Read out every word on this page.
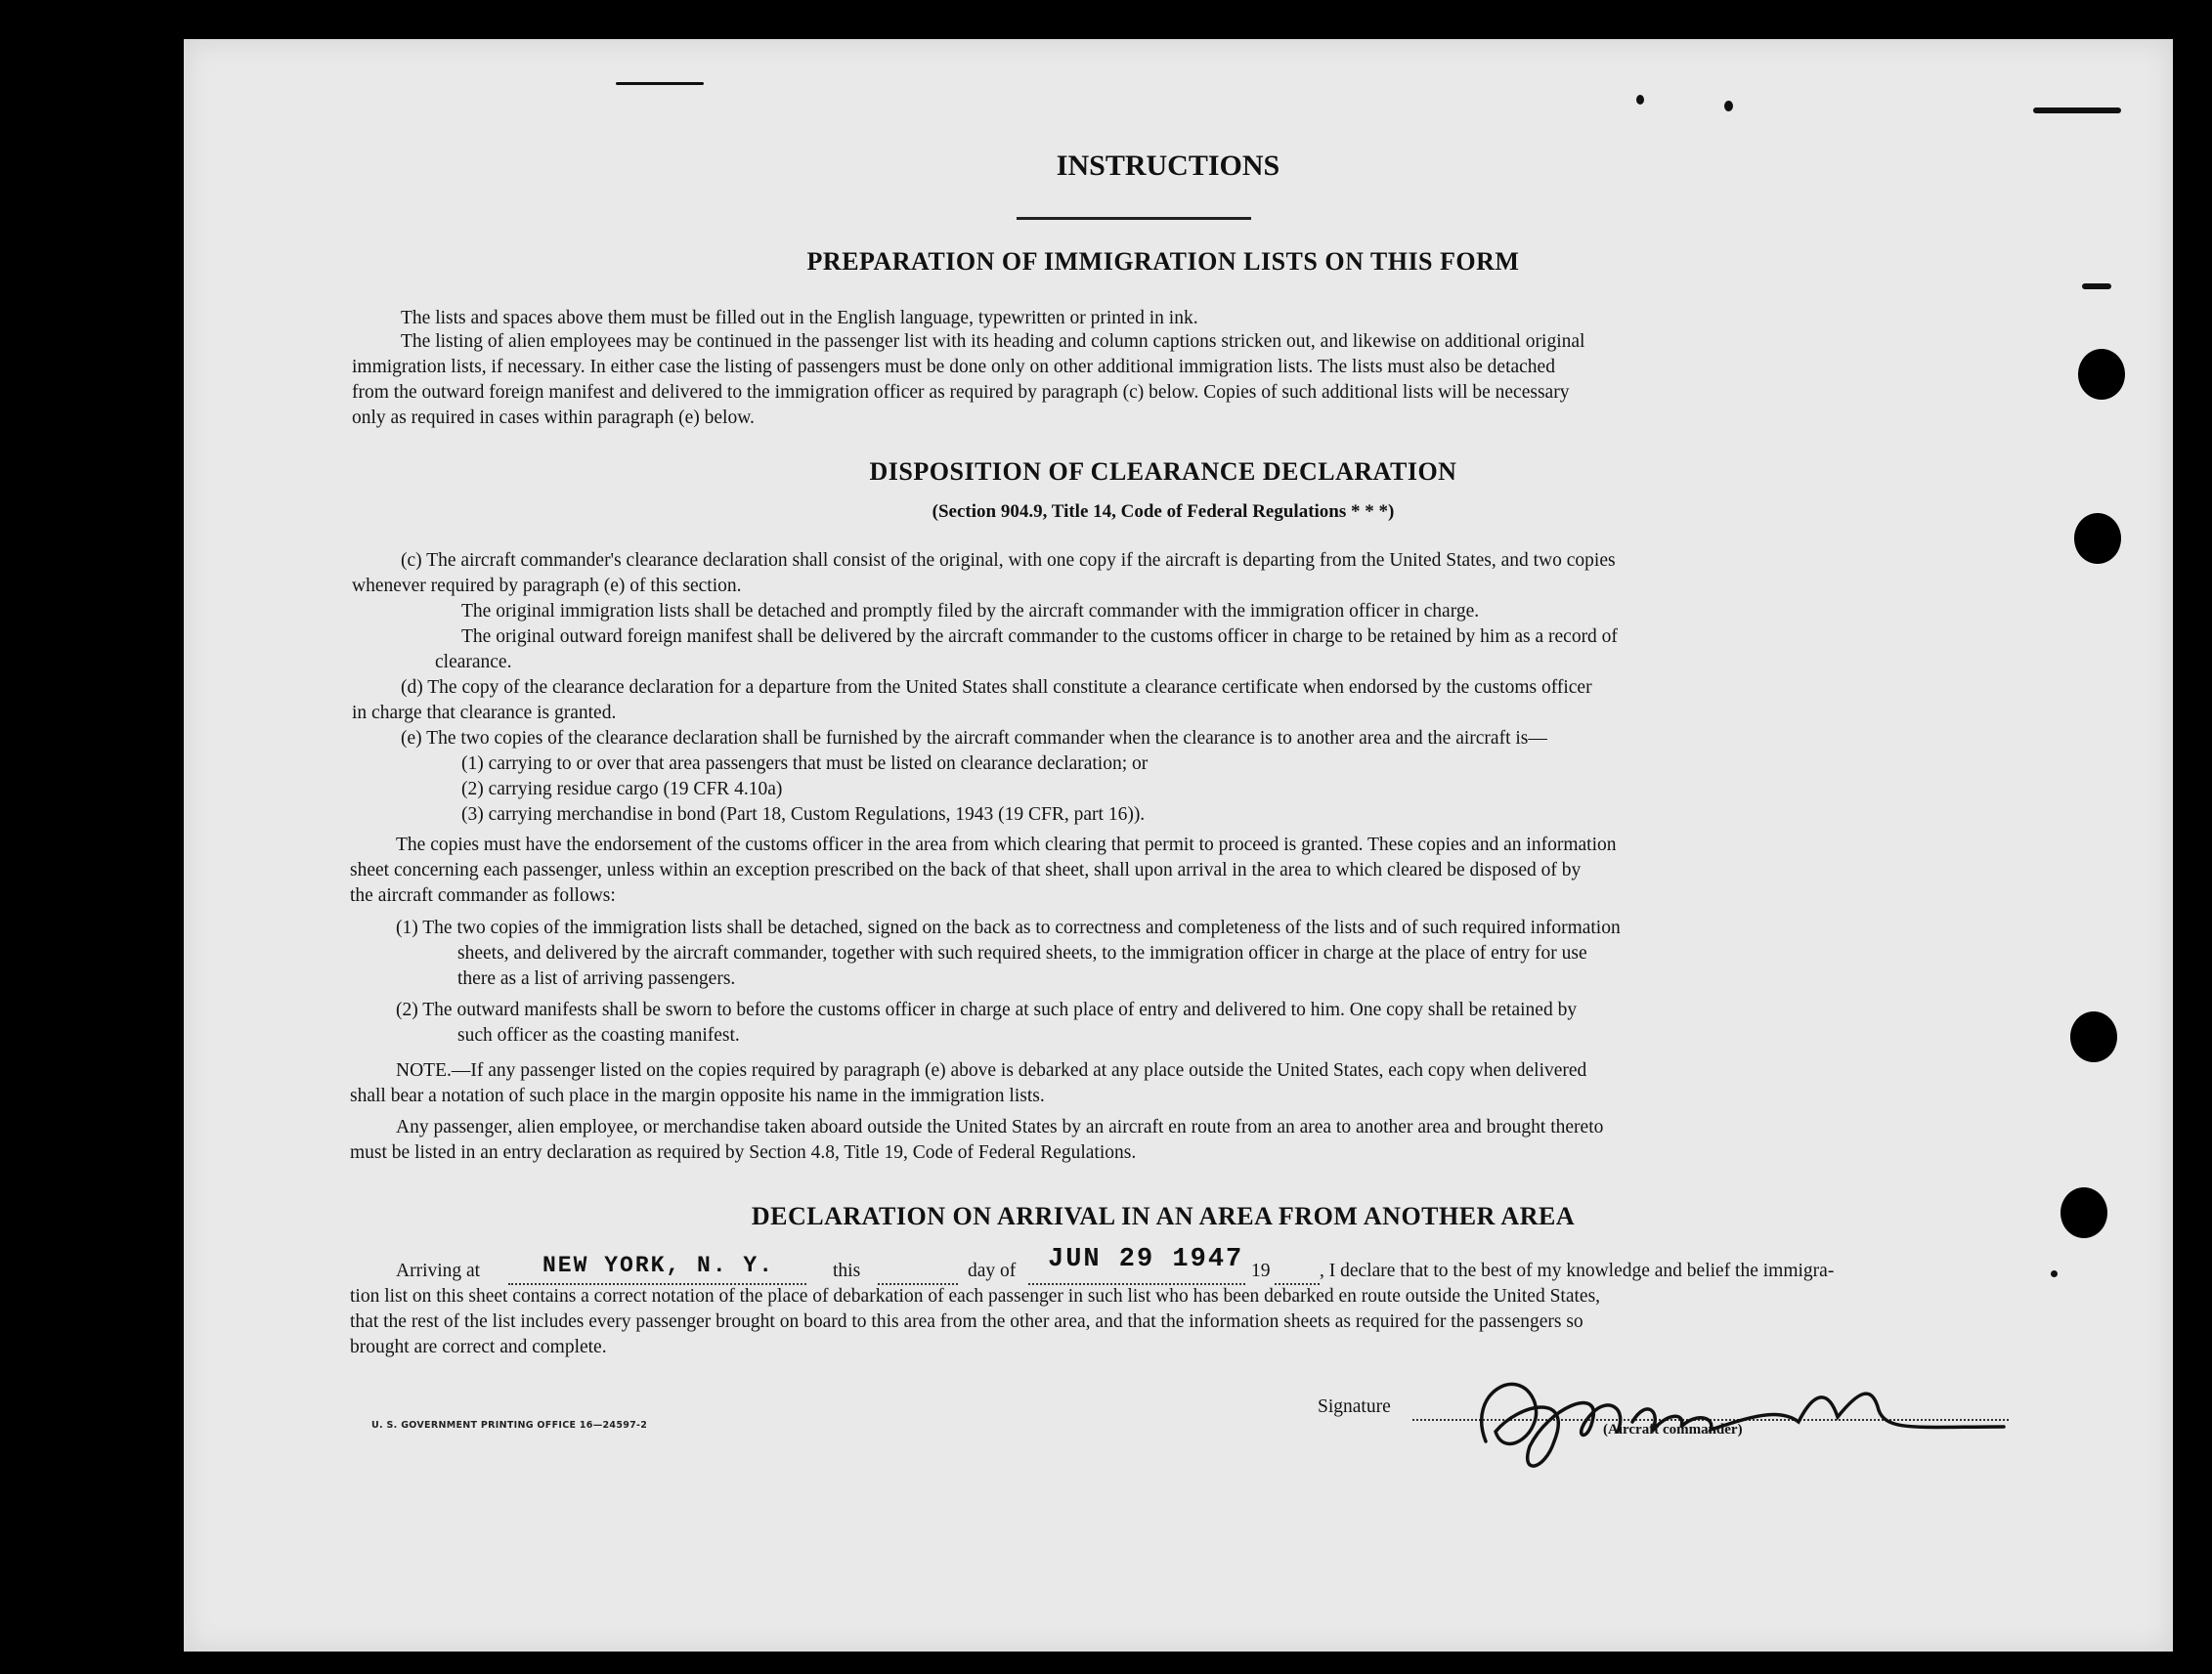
INSTRUCTIONS
PREPARATION OF IMMIGRATION LISTS ON THIS FORM
The lists and spaces above them must be filled out in the English language, typewritten or printed in ink.
The listing of alien employees may be continued in the passenger list with its heading and column captions stricken out, and likewise on additional original
immigration lists, if necessary. In either case the listing of passengers must be done only on other additional immigration lists. The lists must also be detached
from the outward foreign manifest and delivered to the immigration officer as required by paragraph (c) below. Copies of such additional lists will be necessary
only as required in cases within paragraph (e) below.
DISPOSITION OF CLEARANCE DECLARATION
(Section 904.9, Title 14, Code of Federal Regulations * * *)
(c) The aircraft commander's clearance declaration shall consist of the original, with one copy if the aircraft is departing from the United States, and two copies
whenever required by paragraph (e) of this section.
The original immigration lists shall be detached and promptly filed by the aircraft commander with the immigration officer in charge.
The original outward foreign manifest shall be delivered by the aircraft commander to the customs officer in charge to be retained by him as a record of
clearance.
(d) The copy of the clearance declaration for a departure from the United States shall constitute a clearance certificate when endorsed by the customs officer
in charge that clearance is granted.
(e) The two copies of the clearance declaration shall be furnished by the aircraft commander when the clearance is to another area and the aircraft is—
(1) carrying to or over that area passengers that must be listed on clearance declaration; or
(2) carrying residue cargo (19 CFR 4.10a)
(3) carrying merchandise in bond (Part 18, Custom Regulations, 1943 (19 CFR, part 16)).
The copies must have the endorsement of the customs officer in the area from which clearing that permit to proceed is granted. These copies and an information
sheet concerning each passenger, unless within an exception prescribed on the back of that sheet, shall upon arrival in the area to which cleared be disposed of by
the aircraft commander as follows:
(1) The two copies of the immigration lists shall be detached, signed on the back as to correctness and completeness of the lists and of such required information
sheets, and delivered by the aircraft commander, together with such required sheets, to the immigration officer in charge at the place of entry for use
there as a list of arriving passengers.
(2) The outward manifests shall be sworn to before the customs officer in charge at such place of entry and delivered to him. One copy shall be retained by
such officer as the coasting manifest.
NOTE.—If any passenger listed on the copies required by paragraph (e) above is debarked at any place outside the United States, each copy when delivered
shall bear a notation of such place in the margin opposite his name in the immigration lists.
Any passenger, alien employee, or merchandise taken aboard outside the United States by an aircraft en route from an area to another area and brought thereto
must be listed in an entry declaration as required by Section 4.8, Title 19, Code of Federal Regulations.
DECLARATION ON ARRIVAL IN AN AREA FROM ANOTHER AREA
Arriving at	NEW YORK, N. Y.	this	day of JUN 29 1947 19	, I declare that to the best of my knowledge and belief the immigra-
tion list on this sheet contains a correct notation of the place of debarkation of each passenger in such list who has been debarked en route outside the United States,
that the rest of the list includes every passenger brought on board to this area from the other area, and that the information sheets as required for the passengers so
brought are correct and complete.
U. S. GOVERNMENT PRINTING OFFICE 16—24597-2
Signature
(Aircraft commander)
